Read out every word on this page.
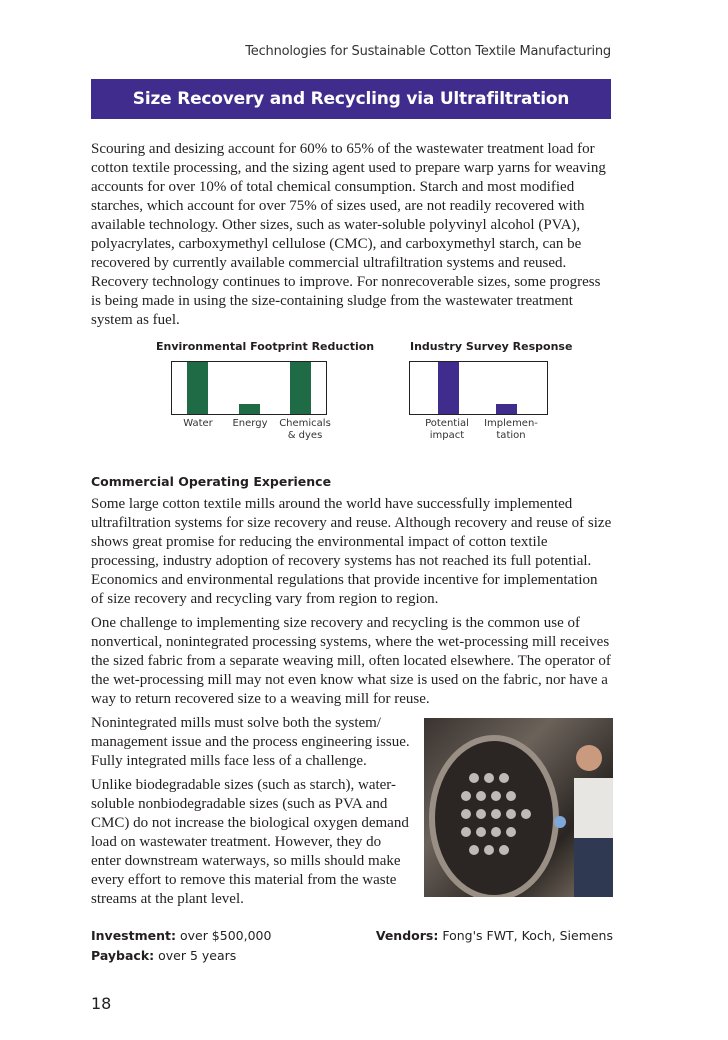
Technologies for Sustainable Cotton Textile Manufacturing
Size Recovery and Recycling via Ultrafiltration

Scouring and desizing account for 60% to 65% of the wastewater treatment load for cotton textile processing, and the sizing agent used to prepare warp yarns for weaving accounts for over 10% of total chemical consumption. Starch and most modified starches, which account for over 75% of sizes used, are not readily recovered with available technology. Other sizes, such as water-soluble polyvinyl alcohol (PVA), polyacrylates, carboxymethyl cellulose (CMC), and carboxymethyl starch, can be recovered by currently available commercial ultrafiltration systems and reused. Recovery technology continues to improve. For nonrecoverable sizes, some progress is being made in using the size-containing sludge from the wastewater treatment system as fuel.

Environmental Footprint Reduction	Industry Survey Response
Water	Energy	Chemicals
& dyes
Potential
impact
Implemen-
tation
Commercial Operating Experience

Some large cotton textile mills around the world have successfully implemented ultrafiltration systems for size recovery and reuse. Although recovery and reuse of size shows great promise for reducing the environmental impact of cotton textile processing, industry adoption of recovery systems has not reached its full potential. Economics and environmental regulations that provide incentive for implementation of size recovery and recycling vary from region to region.

One challenge to implementing size recovery and recycling is the common use of nonvertical, nonintegrated processing systems, where the wet-processing mill receives the sized fabric from a separate weaving mill, often located elsewhere. The operator of the wet-processing mill may not even know what size is used on the fabric, nor have a way to return recovered size to a weaving mill for reuse.

Nonintegrated mills must solve both the system/ management issue and the process engineering issue. Fully integrated mills face less of a challenge.

Unlike biodegradable sizes (such as starch), water-soluble nonbiodegradable sizes (such as PVA and CMC) do not increase the biological oxygen demand load on wastewater treatment. However, they do enter downstream waterways, so mills should make every effort to remove this material from the waste streams at the plant level.

Investment: over $500,000	Vendors: Fong's FWT, Koch, Siemens
Payback: over 5 years
18
